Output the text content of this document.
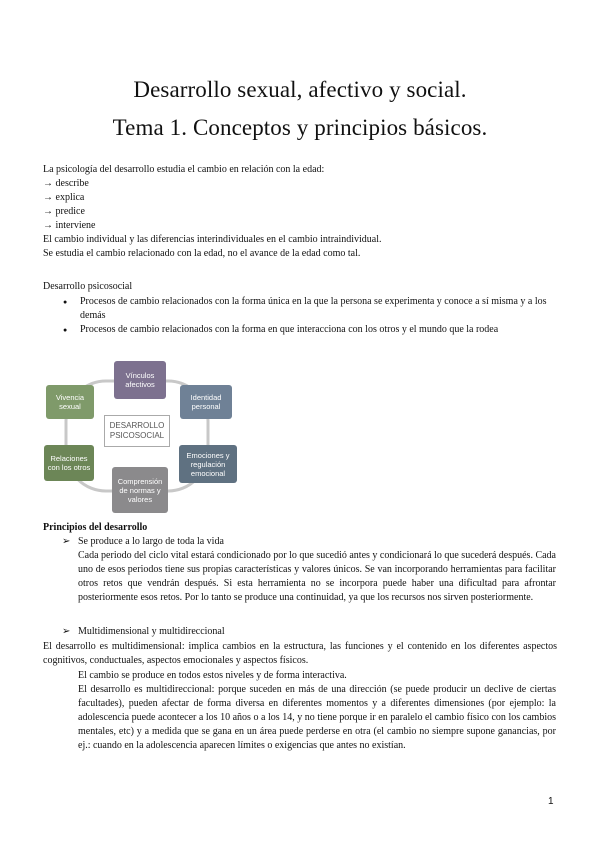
Desarrollo sexual, afectivo y social.
Tema 1. Conceptos y principios básicos.

La psicología del desarrollo estudia el cambio en relación con la edad:

→ describe

→ explica

→ predice

→ interviene

El cambio individual y las diferencias interindividuales en el cambio intraindividual.

Se estudia el cambio relacionado con la edad, no el avance de la edad como tal.

Desarrollo psicosocial

● Procesos de cambio relacionados con la forma única en la que la persona se experimenta y conoce a sí misma y a los demás
● Procesos de cambio relacionados con la forma en que interacciona con los otros y el mundo que la rodea
Vínculos afectivos
Vivencia sexual
Identidad personal
Relaciones con los otros
Emociones y regulación emocional
Comprensión de normas y valores
DESARROLLO PSICOSOCIAL

Principios del desarrollo

➢ Se produce a lo largo de toda la vida

Cada periodo del ciclo vital estará condicionado por lo que sucedió antes y condicionará lo que sucederá después. Cada uno de esos periodos tiene sus propias características y valores únicos. Se van incorporando herramientas para facilitar otros retos que vendrán después. Si esta herramienta no se incorpora puede haber una dificultad para afrontar posteriormente esos retos. Por lo tanto se produce una continuidad, ya que los recursos nos sirven posteriormente.

➢ Multidimensional y multidireccional

El desarrollo es multidimensional: implica cambios en la estructura, las funciones y el contenido en los diferentes aspectos cognitivos, conductuales, aspectos emocionales y aspectos físicos.

El cambio se produce en todos estos niveles y de forma interactiva.

El desarrollo es multidireccional: porque suceden en más de una dirección (se puede producir un declive de ciertas facultades), pueden afectar de forma diversa en diferentes momentos y a diferentes dimensiones (por ejemplo: la adolescencia puede acontecer a los 10 años o a los 14, y no tiene porque ir en paralelo el cambio físico con los cambios mentales, etc) y a medida que se gana en un área puede perderse en otra (el cambio no siempre supone ganancias, por ej.: cuando en la adolescencia aparecen límites o exigencias que antes no existían.

1
